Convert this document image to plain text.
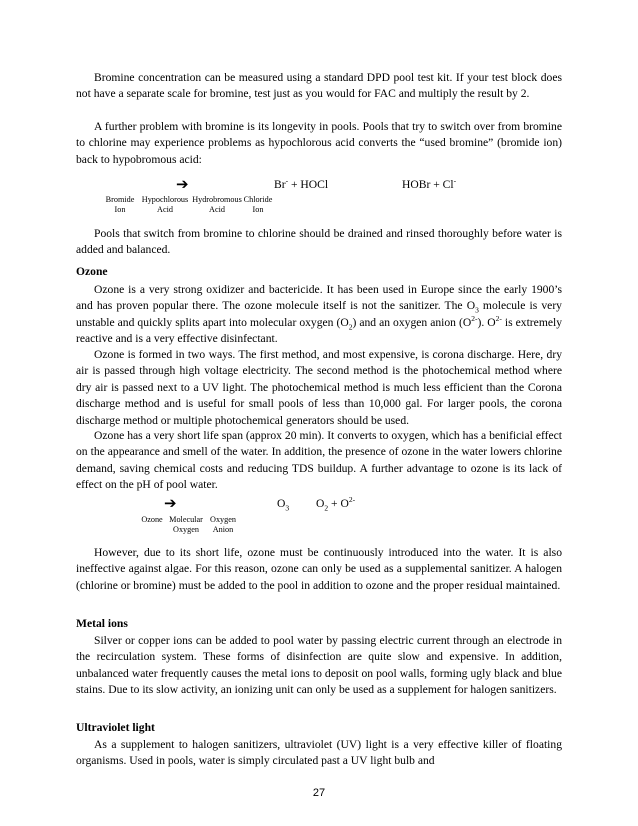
Bromine concentration can be measured using a standard DPD pool test kit. If your test block does not have a separate scale for bromine, test just as you would for FAC and multiply the result by 2.

A further problem with bromine is its longevity in pools. Pools that try to switch over from bromine to chlorine may experience problems as hypochlorous acid converts the “used bromine” (bromide ion) back to hypobromous acid:

➔	Br- + HOCl	HOBr + Cl-
Bromide
Ion
Hypochlorous
Acid
Hydrobromous
Acid
Chloride
Ion

Pools that switch from bromine to chlorine should be drained and rinsed thoroughly before water is added and balanced.

Ozone

Ozone is a very strong oxidizer and bactericide. It has been used in Europe since the early 1900’s and has proven popular there. The ozone molecule itself is not the sanitizer. The $O_3$ molecule is very unstable and quickly splits apart into molecular oxygen $(O_2)$ and an oxygen anion $(O^{2-})$. $O^{2-}$ is extremely reactive and is a very effective disinfectant.

Ozone is formed in two ways. The first method, and most expensive, is corona discharge. Here, dry air is passed through high voltage electricity. The second method is the photochemical method where dry air is passed next to a UV light. The photochemical method is much less efficient than the Corona discharge method and is useful for small pools of less than 10,000 gal. For larger pools, the corona discharge method or multiple photochemical generators should be used.

Ozone has a very short life span (approx 20 min). It converts to oxygen, which has a benificial effect on the appearance and smell of the water. In addition, the presence of ozone in the water lowers chlorine demand, saving chemical costs and reducing TDS buildup. A further advantage to ozone is its lack of effect on the pH of pool water.

➔	$O_3$ $O_2 + O^{2-}$
Ozone Molecular
Oxygen
Oxygen
Anion

However, due to its short life, ozone must be continuously introduced into the water. It is also ineffective against algae. For this reason, ozone can only be used as a supplemental sanitizer. A halogen (chlorine or bromine) must be added to the pool in addition to ozone and the proper residual maintained.

Metal ions

Silver or copper ions can be added to pool water by passing electric current through an electrode in the recirculation system. These forms of disinfection are quite slow and expensive. In addition, unbalanced water frequently causes the metal ions to deposit on pool walls, forming ugly black and blue stains. Due to its slow activity, an ionizing unit can only be used as a supplement for halogen sanitizers.

Ultraviolet light

As a supplement to halogen sanitizers, ultraviolet (UV) light is a very effective killer of floating organisms. Used in pools, water is simply circulated past a UV light bulb and

27
